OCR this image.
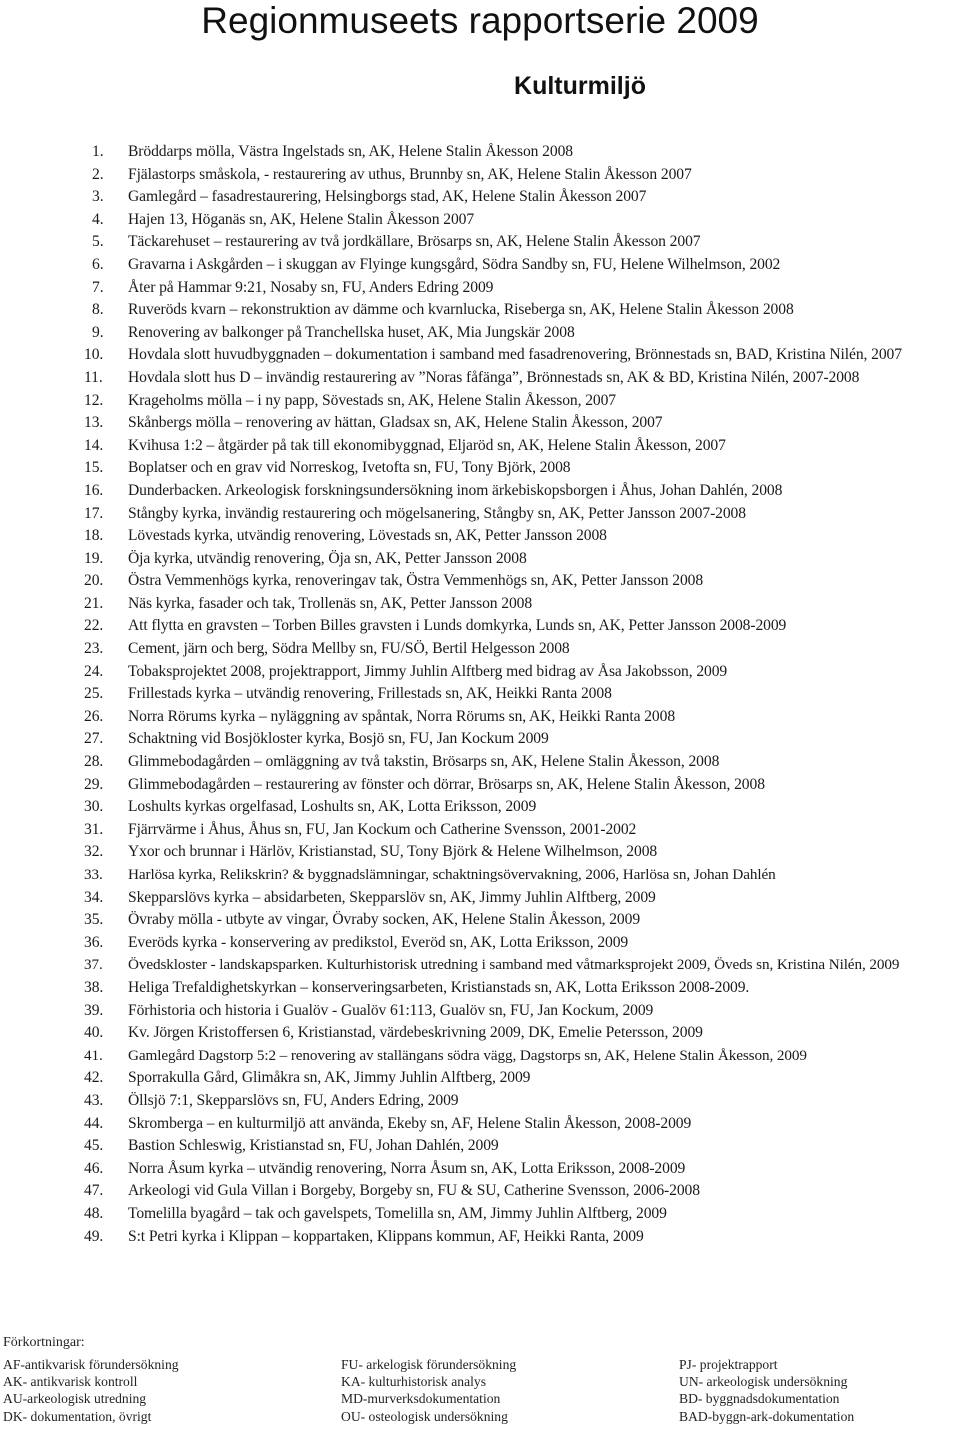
Regionmuseets rapportserie 2009
Kulturmiljö
1.	Bröddarps mölla, Västra Ingelstads sn, AK, Helene Stalin Åkesson 2008
2.	Fjälastorps småskola, - restaurering av uthus, Brunnby sn, AK, Helene Stalin Åkesson 2007
3.	Gamlegård – fasadrestaurering, Helsingborgs stad, AK, Helene Stalin Åkesson 2007
4.	Hajen 13, Höganäs sn, AK, Helene Stalin Åkesson 2007
5.	Täckarehuset – restaurering av två jordkällare, Brösarps sn, AK, Helene Stalin Åkesson 2007
6.	Gravarna i Askgården – i skuggan av Flyinge kungsgård, Södra Sandby sn, FU, Helene Wilhelmson, 2002
7.	Åter på Hammar 9:21, Nosaby sn, FU, Anders Edring 2009
8.	Ruveröds kvarn – rekonstruktion av dämme och kvarnlucka, Riseberga sn, AK, Helene Stalin Åkesson 2008
9.	Renovering av balkonger på Tranchellska huset, AK, Mia Jungskär 2008
10.	Hovdala slott huvudbyggnaden – dokumentation i samband med fasadrenovering, Brönnestads sn, BAD, Kristina Nilén, 2007
11.	Hovdala slott hus D – invändig restaurering av ”Noras fåfänga”, Brönnestads sn, AK & BD, Kristina Nilén, 2007-2008
12.	Krageholms mölla – i ny papp, Sövestads sn, AK, Helene Stalin Åkesson, 2007
13.	Skånbergs mölla – renovering av hättan, Gladsax sn, AK, Helene Stalin Åkesson, 2007
14.	Kvihusa 1:2 – åtgärder på tak till ekonomibyggnad, Eljaröd sn, AK, Helene Stalin Åkesson, 2007
15.	Boplatser och en grav vid Norreskog, Ivetofta sn, FU, Tony Björk, 2008
16.	Dunderbacken. Arkeologisk forskningsundersökning inom ärkebiskopsborgen i Åhus, Johan Dahlén, 2008
17.	Stångby kyrka, invändig restaurering och mögelsanering, Stångby sn, AK, Petter Jansson 2007-2008
18.	Lövestads kyrka, utvändig renovering, Lövestads sn, AK, Petter Jansson 2008
19.	Öja kyrka, utvändig renovering, Öja sn, AK, Petter Jansson 2008
20.	Östra Vemmenhögs kyrka, renoveringav tak, Östra Vemmenhögs sn, AK, Petter Jansson 2008
21.	Näs kyrka, fasader och tak, Trollenäs sn, AK, Petter Jansson 2008
22.	Att flytta en gravsten – Torben Billes gravsten i Lunds domkyrka, Lunds sn, AK, Petter Jansson 2008-2009
23.	Cement, järn och berg, Södra Mellby sn, FU/SÖ, Bertil Helgesson 2008
24.	Tobaksprojektet 2008, projektrapport, Jimmy Juhlin Alftberg med bidrag av Åsa Jakobsson, 2009
25.	Frillestads kyrka – utvändig renovering, Frillestads sn, AK, Heikki Ranta 2008
26.	Norra Rörums kyrka – nyläggning av spåntak, Norra Rörums sn, AK, Heikki Ranta 2008
27.	Schaktning vid Bosjökloster kyrka, Bosjö sn, FU, Jan Kockum 2009
28.	Glimmebodagården – omläggning av två takstin, Brösarps sn, AK, Helene Stalin Åkesson, 2008
29.	Glimmebodagården – restaurering av fönster och dörrar, Brösarps sn, AK, Helene Stalin Åkesson, 2008
30.	Loshults kyrkas orgelfasad, Loshults sn, AK, Lotta Eriksson, 2009
31.	Fjärrvärme i Åhus, Åhus sn, FU, Jan Kockum och Catherine Svensson, 2001-2002
32.	Yxor och brunnar i Härlöv, Kristianstad, SU, Tony Björk & Helene Wilhelmson, 2008
33.	Harlösa kyrka, Relikskrin? & byggnadslämningar, schaktningsövervakning, 2006, Harlösa sn, Johan Dahlén
34.	Skepparslövs kyrka – absidarbeten, Skepparslöv sn, AK, Jimmy Juhlin Alftberg, 2009
35.	Övraby mölla - utbyte av vingar, Övraby socken, AK, Helene Stalin Åkesson, 2009
36.	Everöds kyrka - konservering av predikstol, Everöd sn, AK, Lotta Eriksson, 2009
37.	Övedskloster - landskapsparken. Kulturhistorisk utredning i samband med våtmarksprojekt 2009, Öveds sn, Kristina Nilén, 2009
38.	Heliga Trefaldighetskyrkan – konserveringsarbeten, Kristianstads sn, AK, Lotta Eriksson 2008-2009.
39.	Förhistoria och historia i Gualöv - Gualöv 61:113, Gualöv sn, FU, Jan Kockum, 2009
40.	Kv. Jörgen Kristoffersen 6, Kristianstad, värdebeskrivning 2009, DK, Emelie Petersson, 2009
41.	Gamlegård Dagstorp 5:2 – renovering av stallängans södra vägg, Dagstorps sn, AK, Helene Stalin Åkesson, 2009
42.	Sporrakulla Gård, Glimåkra sn, AK, Jimmy Juhlin Alftberg, 2009
43.	Öllsjö 7:1, Skepparslövs sn, FU, Anders Edring, 2009
44.	Skromberga – en kulturmiljö att använda, Ekeby sn, AF, Helene Stalin Åkesson, 2008-2009
45.	Bastion Schleswig, Kristianstad sn, FU, Johan Dahlén, 2009
46.	Norra Åsum kyrka – utvändig renovering, Norra Åsum sn, AK, Lotta Eriksson, 2008-2009
47.	Arkeologi vid Gula Villan i Borgeby, Borgeby sn, FU & SU, Catherine Svensson, 2006-2008
48.	Tomelilla byagård – tak och gavelspets, Tomelilla sn, AM, Jimmy Juhlin Alftberg, 2009
49.	S:t Petri kyrka i Klippan – koppartaken, Klippans kommun, AF, Heikki Ranta, 2009
Förkortningar:
AF-antikvarisk förundersökning	FU- arkelogisk förundersökning	PJ- projektrapport
AK- antikvarisk kontroll	KA- kulturhistorisk analys	UN- arkeologisk undersökning
AU-arkeologisk utredning	MD-murverksdokumentation	BD- byggnadsdokumentation
DK- dokumentation, övrigt	OU- osteologisk undersökning	BAD-byggn-ark-dokumentation
